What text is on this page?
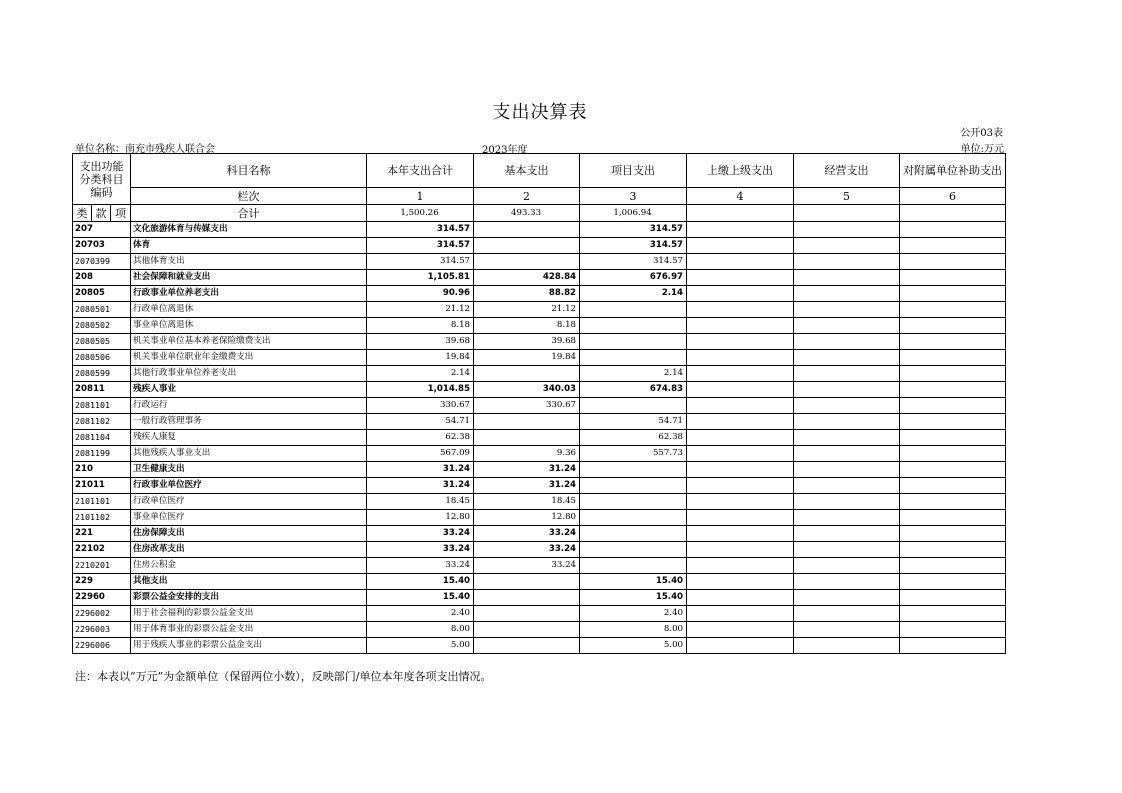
支出决算表
公开03表
单位名称：南充市残疾人联合会	2023年度	单位:万元
支出功能分类科目编码			科目名称	本年支出合计	基本支出	项目支出	上缴上级支出	经营支出	对附属单位补助支出
			栏次	1	2	3	4	5	6
类	款	项	合计	1,500.26	493.33	1,006.94			
207			文化旅游体育与传媒支出	314.57		314.57			
20703			体育	314.57		314.57			
2070399			其他体育支出	314.57		314.57			
208			社会保障和就业支出	1,105.81	428.84	676.97			
20805			行政事业单位养老支出	90.96	88.82	2.14			
2080501			行政单位离退休	21.12	21.12				
2080502			事业单位离退休	8.18	8.18				
2080505			机关事业单位基本养老保险缴费支出	39.68	39.68				
2080506			机关事业单位职业年金缴费支出	19.84	19.84				
2080599			其他行政事业单位养老支出	2.14		2.14			
20811			残疾人事业	1,014.85	340.03	674.83			
2081101			行政运行	330.67	330.67				
2081102			一般行政管理事务	54.71		54.71			
2081104			残疾人康复	62.38		62.38			
2081199			其他残疾人事业支出	567.09	9.36	557.73			
210			卫生健康支出	31.24	31.24				
21011			行政事业单位医疗	31.24	31.24				
2101101			行政单位医疗	18.45	18.45				
2101102			事业单位医疗	12.80	12.80				
221			住房保障支出	33.24	33.24				
22102			住房改革支出	33.24	33.24				
2210201			住房公积金	33.24	33.24				
229			其他支出	15.40		15.40			
22960			彩票公益金安排的支出	15.40		15.40			
2296002			用于社会福利的彩票公益金支出	2.40		2.40			
2296003			用于体育事业的彩票公益金支出	8.00		8.00			
2296006			用于残疾人事业的彩票公益金支出	5.00		5.00			
注：本表以“万元”为金额单位（保留两位小数），反映部门/单位本年度各项支出情况。
